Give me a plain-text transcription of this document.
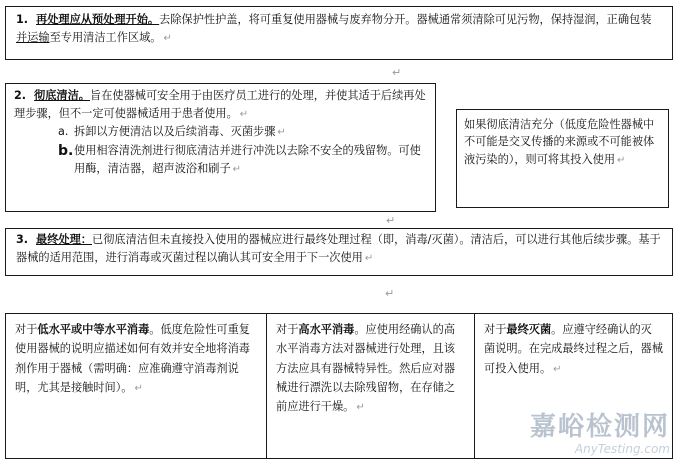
1. 再处理应从预处理开始。去除保护性护盖，将可重复使用器械与废弃物分开。器械通常须清除可见污物，保持湿润，正确包装并运输至专用清洁工作区域。 ↵
↵
2. 彻底清洁。旨在使器械可安全用于由医疗员工进行的处理，并使其适于后续再处理步骤，但不一定可使器械适用于患者使用。 ↵
a. 拆卸以方便清洁以及后续消毒、灭菌步骤 ↵
b. 使用相容清洗剂进行彻底清洁并进行冲洗以去除不安全的残留物。可使用酶，清洁器，超声波浴和刷子 ↵
如果彻底清洁充分（低度危险性器械中不可能是交叉传播的来源或不可能被体液污染的），则可将其投入使用 ↵
↵
3. 最终处理：已彻底清洁但未直接投入使用的器械应进行最终处理过程（即，消毒/灭菌）。清洁后，可以进行其他后续步骤。基于器械的适用范围，进行消毒或灭菌过程以确认其可安全用于下一次使用 ↵
↵
对于低水平或中等水平消毒。低度危险性可重复使用器械的说明应描述如何有效并安全地将消毒剂作用于器械（需明确：应准确遵守消毒剂说明，尤其是接触时间）。 ↵
对于高水平消毒。应使用经确认的高水平消毒方法对器械进行处理，且该方法应具有器械特异性。然后应对器械进行漂洗以去除残留物，在存储之前应进行干燥。 ↵
对于最终灭菌。应遵守经确认的灭菌说明。在完成最终过程之后，器械可投入使用。 ↵
嘉峪检测网
AnyTesting.com
